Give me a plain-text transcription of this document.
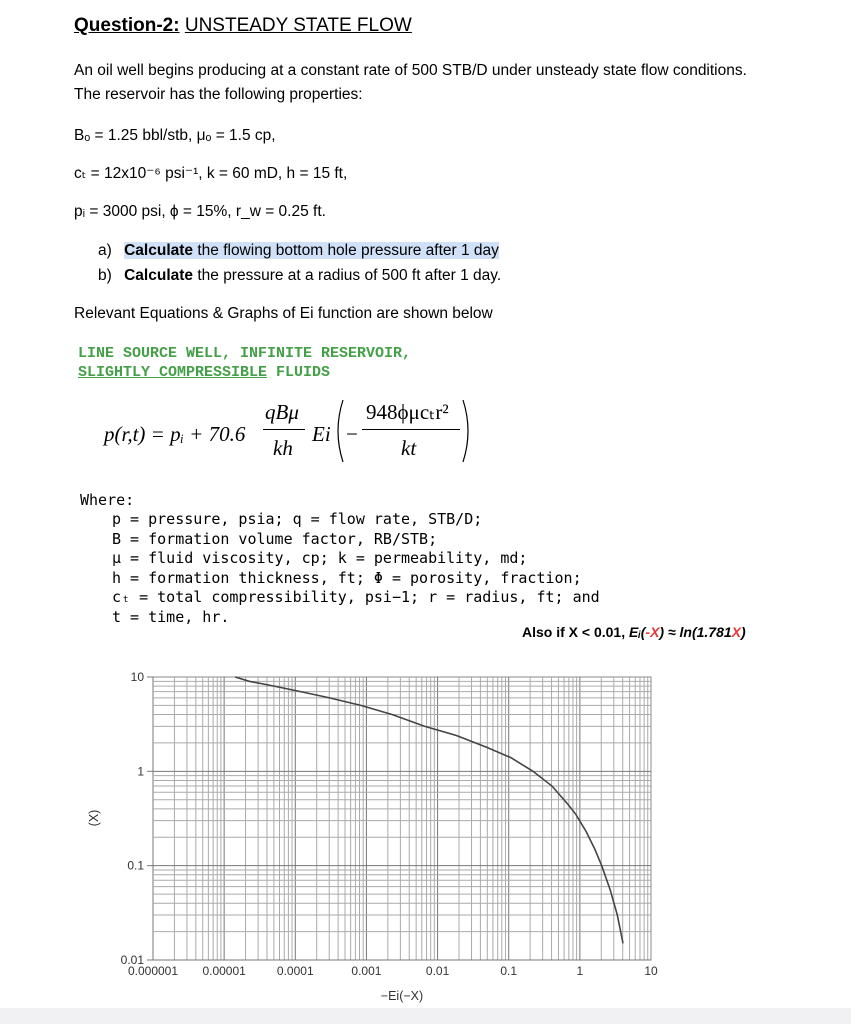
Question-2: UNSTEADY STATE FLOW
An oil well begins producing at a constant rate of 500 STB/D under unsteady state flow conditions.
The reservoir has the following properties:
Bₒ = 1.25 bbl/stb, μₒ = 1.5 cp,
cₜ = 12x10⁻⁶ psi⁻¹, k = 60 mD, h = 15 ft,
pᵢ = 3000 psi, ϕ = 15%, r_w = 0.25 ft.
a) Calculate the flowing bottom hole pressure after 1 day
b) Calculate the pressure at a radius of 500 ft after 1 day.
Relevant Equations & Graphs of Ei function are shown below
LINE SOURCE WELL, INFINITE RESERVOIR,
SLIGHTLY COMPRESSIBLE FLUIDS
p(r,t) = pᵢ + 70.6
qBμ
kh
Ei −
948ϕμcₜr²
kt
Where:
p = pressure, psia; q = flow rate, STB/D;
B = formation volume factor, RB/STB;
μ = fluid viscosity, cp; k = permeability, md;
h = formation thickness, ft; Φ = porosity, fraction;
cₜ = total compressibility, psi−1; r = radius, ft; and
t = time, hr.
Also if X < 0.01, Eᵢ(-X) ≈ ln(1.781X)
0.000001 0.00001	0.0001	0.001	0.01	0.1	1	10
10
1
0.1
0.01
−Ei(−X)
(X)
